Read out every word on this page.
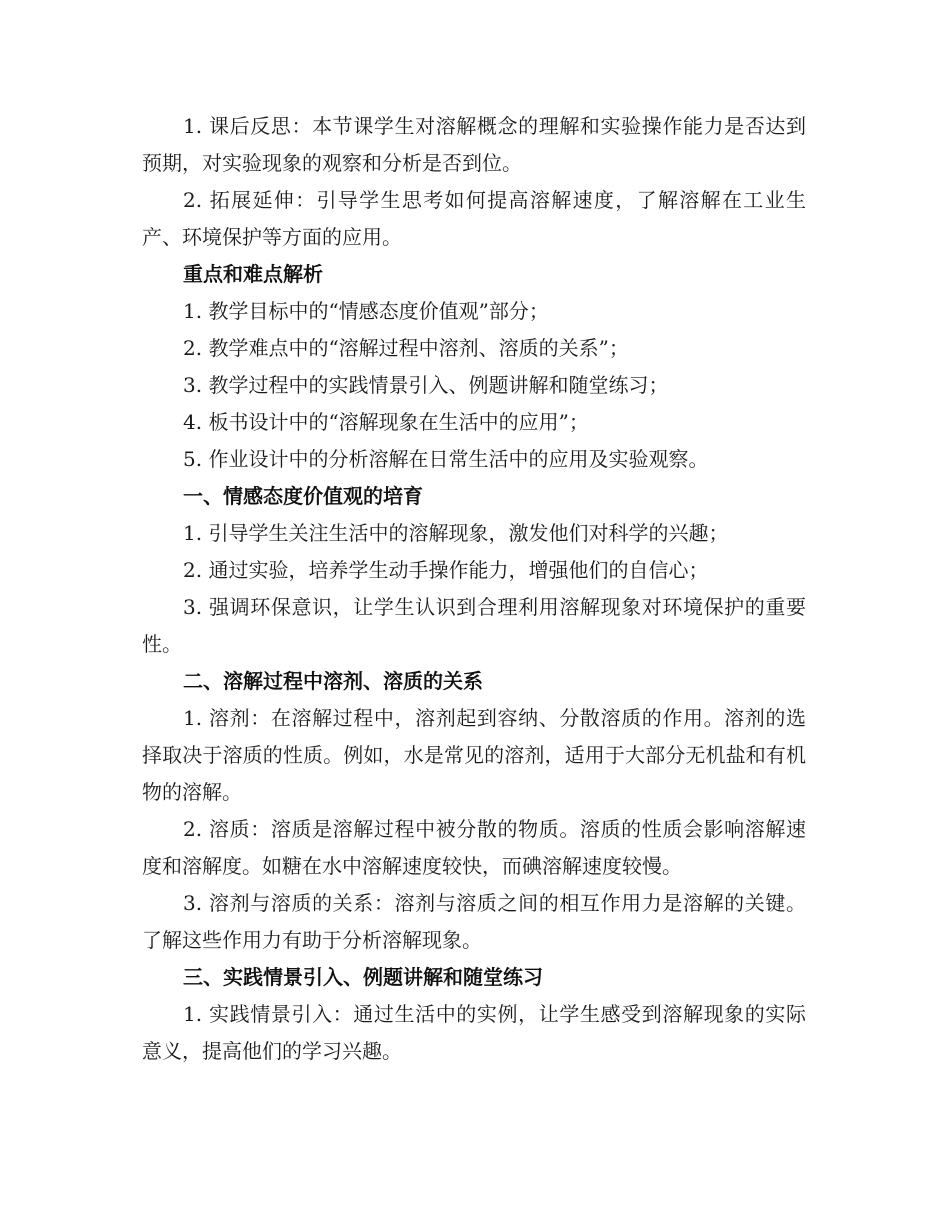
1. 课后反思：本节课学生对溶解概念的理解和实验操作能力是否达到预期，对实验现象的观察和分析是否到位。

2. 拓展延伸：引导学生思考如何提高溶解速度，了解溶解在工业生产、环境保护等方面的应用。

重点和难点解析

1. 教学目标中的“情感态度价值观”部分；

2. 教学难点中的“溶解过程中溶剂、溶质的关系”；

3. 教学过程中的实践情景引入、例题讲解和随堂练习；

4. 板书设计中的“溶解现象在生活中的应用”；

5. 作业设计中的分析溶解在日常生活中的应用及实验观察。

一、情感态度价值观的培育

1. 引导学生关注生活中的溶解现象，激发他们对科学的兴趣；

2. 通过实验，培养学生动手操作能力，增强他们的自信心；

3. 强调环保意识，让学生认识到合理利用溶解现象对环境保护的重要性。

二、溶解过程中溶剂、溶质的关系

1. 溶剂：在溶解过程中，溶剂起到容纳、分散溶质的作用。溶剂的选择取决于溶质的性质。例如，水是常见的溶剂，适用于大部分无机盐和有机物的溶解。

2. 溶质：溶质是溶解过程中被分散的物质。溶质的性质会影响溶解速度和溶解度。如糖在水中溶解速度较快，而碘溶解速度较慢。

3. 溶剂与溶质的关系：溶剂与溶质之间的相互作用力是溶解的关键。了解这些作用力有助于分析溶解现象。

三、实践情景引入、例题讲解和随堂练习

1. 实践情景引入：通过生活中的实例，让学生感受到溶解现象的实际意义，提高他们的学习兴趣。
